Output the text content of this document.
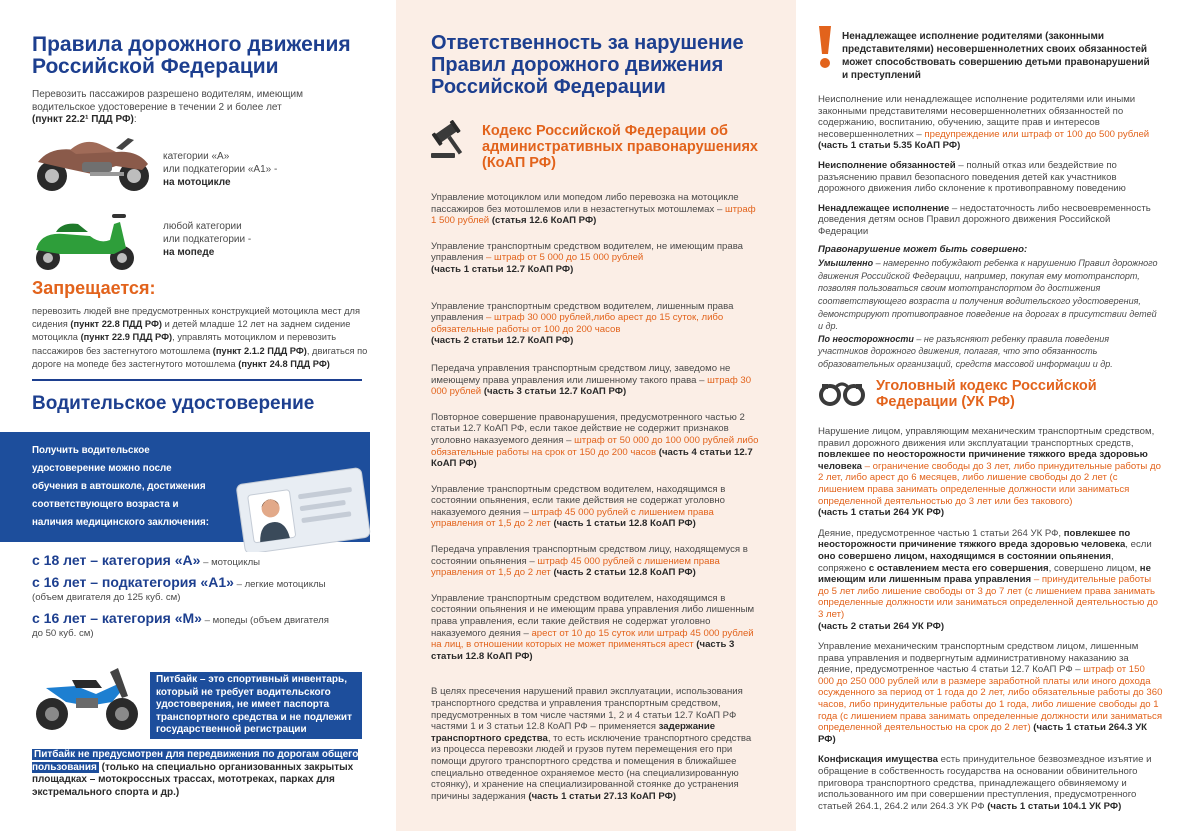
Правила дорожного движения Российской Федерации
Перевозить пассажиров разрешено водителям, имеющим водительское удостоверение в течении 2 и более лет
(пункт 22.2¹ ПДД РФ):
категории «А»
или подкатегории «А1» -
на мотоцикле
любой категории
или подкатегории -
на мопеде
Запрещается:
перевозить людей вне предусмотренных конструкцией мотоцикла мест для сидения (пункт 22.8 ПДД РФ) и детей младше 12 лет на заднем сидение мотоцикла (пункт 22.9 ПДД РФ), управлять мотоциклом и перевозить пассажиров без застегнутого мотошлема (пункт 2.1.2 ПДД РФ), двигаться по дороге на мопеде без застегнутого мотошлема (пункт 24.8 ПДД РФ)
Водительское удостоверение
Получить водительское удостоверение можно после обучения в автошколе, достижения соответствующего возраста и наличия медицинского заключения:
с 18 лет – категория «А» – мотоциклы
с 16 лет – подкатегория «А1» – легкие мотоциклы
(объем двигателя до 125 куб. см)
с 16 лет – категория «М» – мопеды (объем двигателя
до 50 куб. см)
Питбайк – это спортивный инвентарь, который не требует водительского удостоверения, не имеет паспорта транспортного средства и не подлежит государственной регистрации
Питбайк не предусмотрен для передвижения по дорогам общего пользования (только на специально организованных закрытых площадках – мотокроссных трассах, мототреках, парках для экстремального спорта и др.)
Ответственность за нарушение Правил дорожного движения Российской Федерации
Кодекс Российской Федерации об административных правонарушениях (КоАП РФ)
Управление мотоциклом или мопедом либо перевозка на мотоцикле пассажиров без мотошлемов или в незастегнутых мотошлемах – штраф 1 500 рублей (статья 12.6 КоАП РФ)
Управление транспортным средством водителем, не имеющим права управления – штраф от 5 000 до 15 000 рублей
(часть 1 статьи 12.7 КоАП РФ)
Управление транспортным средством водителем, лишенным права управления – штраф 30 000 рублей,либо арест до 15 суток, либо обязательные работы от 100 до 200 часов
(часть 2 статьи 12.7 КоАП РФ)
Передача управления транспортным средством лицу, заведомо не имеющему права управления или лишенному такого права – штраф 30 000 рублей (часть 3 статьи 12.7 КоАП РФ)
Повторное совершение правонарушения, предусмотренного частью 2 статьи 12.7 КоАП РФ, если такое действие не содержит признаков уголовно наказуемого деяния – штраф от 50 000 до 100 000 рублей либо обязательные работы на срок от 150 до 200 часов (часть 4 статьи 12.7 КоАП РФ)
Управление транспортным средством водителем, находящимся в состоянии опьянения, если такие действия не содержат уголовно наказуемого деяния – штраф 45 000 рублей с лишением права управления от 1,5 до 2 лет (часть 1 статьи 12.8 КоАП РФ)
Передача управления транспортным средством лицу, находящемуся в состоянии опьянения – штраф 45 000 рублей с лишением права управления от 1,5 до 2 лет (часть 2 статьи 12.8 КоАП РФ)
Управление транспортным средством водителем, находящимся в состоянии опьянения и не имеющим права управления либо лишенным права управления, если такие действия не содержат уголовно наказуемого деяния – арест от 10 до 15 суток или штраф 45 000 рублей на лиц, в отношении которых не может применяться арест (часть 3 статьи 12.8 КоАП РФ)
В целях пресечения нарушений правил эксплуатации, использования транспортного средства и управления транспортным средством, предусмотренных в том числе частями 1, 2 и 4 статьи 12.7 КоАП РФ частями 1 и 3 статьи 12.8 КоАП РФ – применяется задержание транспортного средства, то есть исключение транспортного средства из процесса перевозки людей и грузов путем перемещения его при помощи другого транспортного средства и помещения в ближайшее специально отведенное охраняемое место (на специализированную стоянку), и хранение на специализированной стоянке до устранения причины задержания (часть 1 статьи 27.13 КоАП РФ)
Ненадлежащее исполнение родителями (законными представителями) несовершеннолетних своих обязанностей может способствовать совершению детьми правонарушений и преступлений
Неисполнение или ненадлежащее исполнение родителями или иными законными представителями несовершеннолетних обязанностей по содержанию, воспитанию, обучению, защите прав и интересов несовершеннолетних – предупреждение или штраф от 100 до 500 рублей (часть 1 статьи 5.35 КоАП РФ)
Неисполнение обязанностей – полный отказ или бездействие по разъяснению правил безопасного поведения детей как участников дорожного движения либо склонение к противоправному поведению
Ненадлежащее исполнение – недостаточность либо несвоевременность доведения детям основ Правил дорожного движения Российской Федерации
Правонарушение может быть совершено:
Умышленно – намеренно побуждают ребенка к нарушению Правил дорожного движения Российской Федерации, например, покупая ему мототранспорт, позволяя пользоваться своим мототранспортом до достижения соответствующего возраста и получения водительского удостоверения, демонстрируют противоправное поведение на дорогах в присутствии детей и др.
По неосторожности – не разъясняют ребенку правила поведения участников дорожного движения, полагая, что это обязанность образовательных организаций, средств массовой информации и др.
Уголовный кодекс Российской Федерации (УК РФ)
Нарушение лицом, управляющим механическим транспортным средством, правил дорожного движения или эксплуатации транспортных средств, повлекшее по неосторожности причинение тяжкого вреда здоровью человека – ограничение свободы до 3 лет, либо принудительные работы до 2 лет, либо арест до 6 месяцев, либо лишение свободы до 2 лет (с лишением права занимать определенные должности или заниматься определенной деятельностью до 3 лет или без такового)
(часть 1 статьи 264 УК РФ)
Деяние, предусмотренное частью 1 статьи 264 УК РФ, повлекшее по неосторожности причинение тяжкого вреда здоровью человека, если оно совершено лицом, находящимся в состоянии опьянения, сопряжено с оставлением места его совершения, совершено лицом, не имеющим или лишенным права управления – принудительные работы до 5 лет либо лишение свободы от 3 до 7 лет (с лишением права занимать определенные должности или заниматься определенной деятельностью до 3 лет)
(часть 2 статьи 264 УК РФ)
Управление механическим транспортным средством лицом, лишенным права управления и подвергнутым административному наказанию за деяние, предусмотренное частью 4 статьи 12.7 КоАП РФ – штраф от 150 000 до 250 000 рублей или в размере заработной платы или иного дохода осужденного за период от 1 года до 2 лет, либо обязательные работы до 360 часов, либо принудительные работы до 1 года, либо лишение свободы до 1 года (с лишением права занимать определенные должности или заниматься определенной деятельностью на срок до 2 лет) (часть 1 статьи 264.3 УК РФ)
Конфискация имущества есть принудительное безвозмездное изъятие и обращение в собственность государства на основании обвинительного приговора транспортного средства, принадлежащего обвиняемому и использованного им при совершении преступления, предусмотренного статьей 264.1, 264.2 или 264.3 УК РФ (часть 1 статьи 104.1 УК РФ)
